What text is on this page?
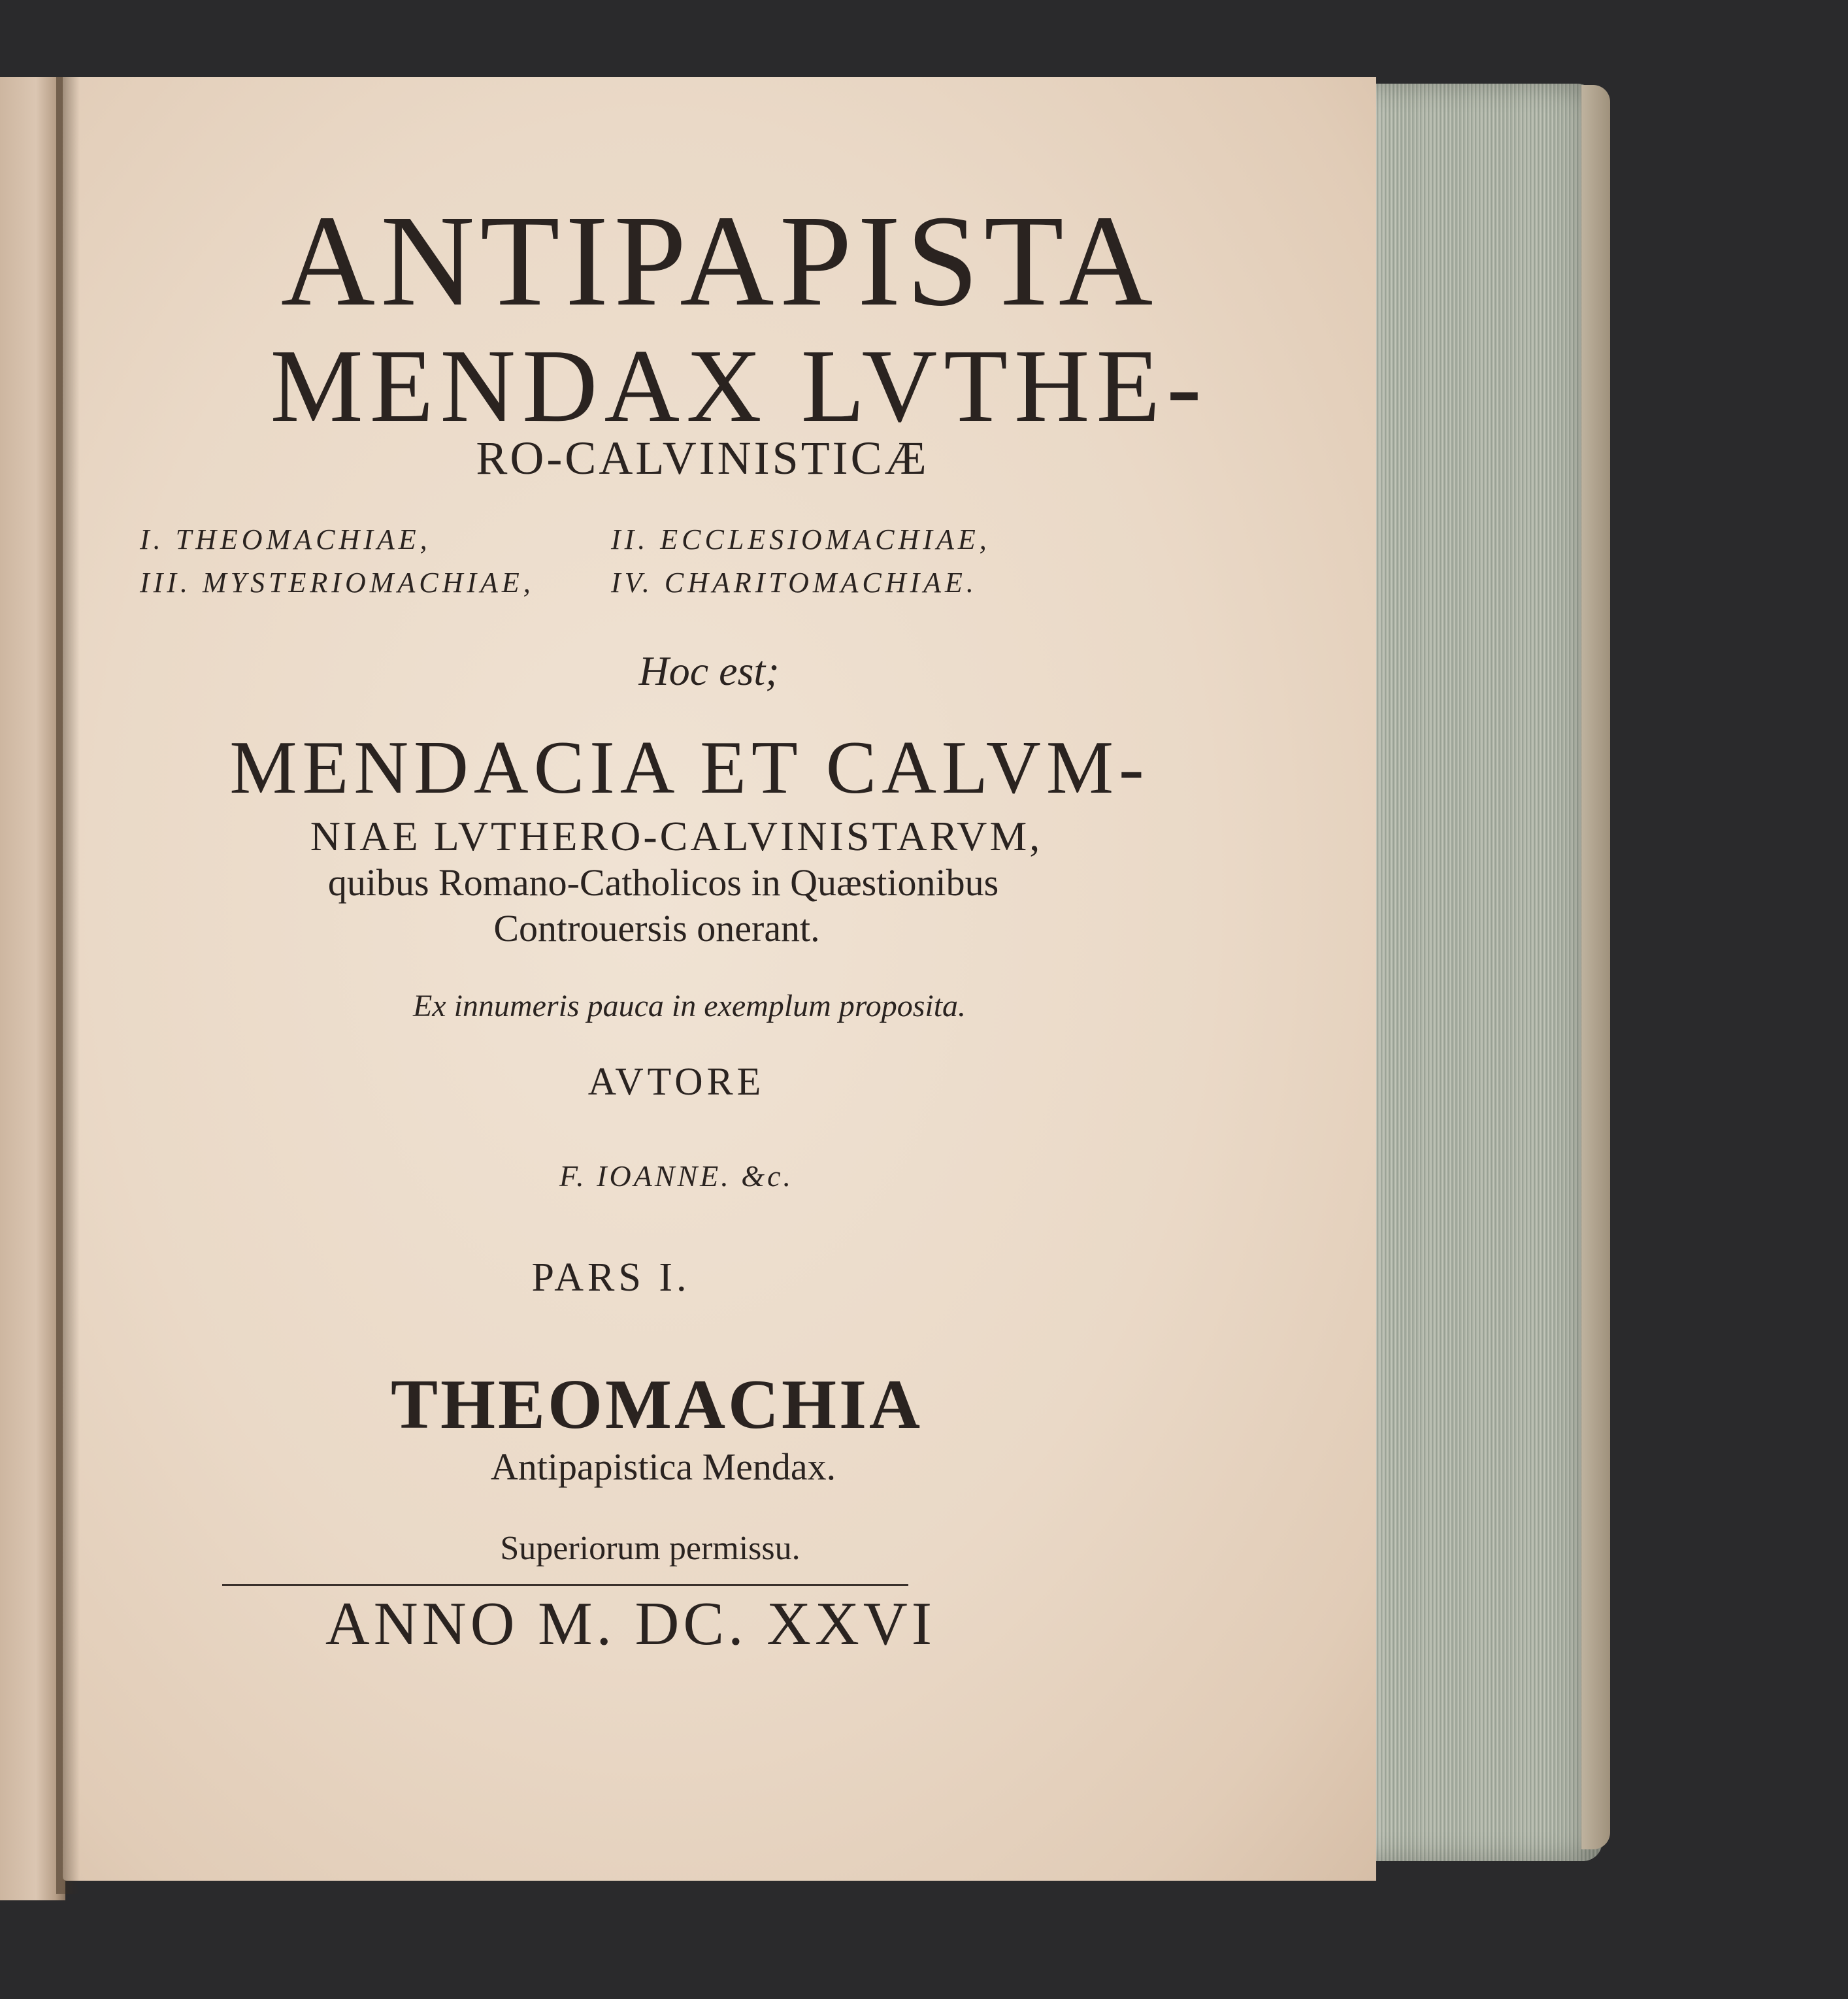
ANTIPAPISTA
MENDAX LVTHE-
RO-CALVINISTICÆ
I. THEOMACHIAE,	II. ECCLESIOMACHIAE,
III. MYSTERIOMACHIAE,	IV. CHARITOMACHIAE.
Hoc est;
MENDACIA ET CALVM-
NIAE LVTHERO-CALVINISTARVM,
quibus Romano-Catholicos in Quæstionibus
Controuersis onerant.
Ex innumeris pauca in exemplum proposita.
AVTORE
F. IOANNE. &c.
PARS I.
THEOMACHIA
Antipapistica Mendax.
Superiorum permissu.
ANNO M. DC. XXVI
